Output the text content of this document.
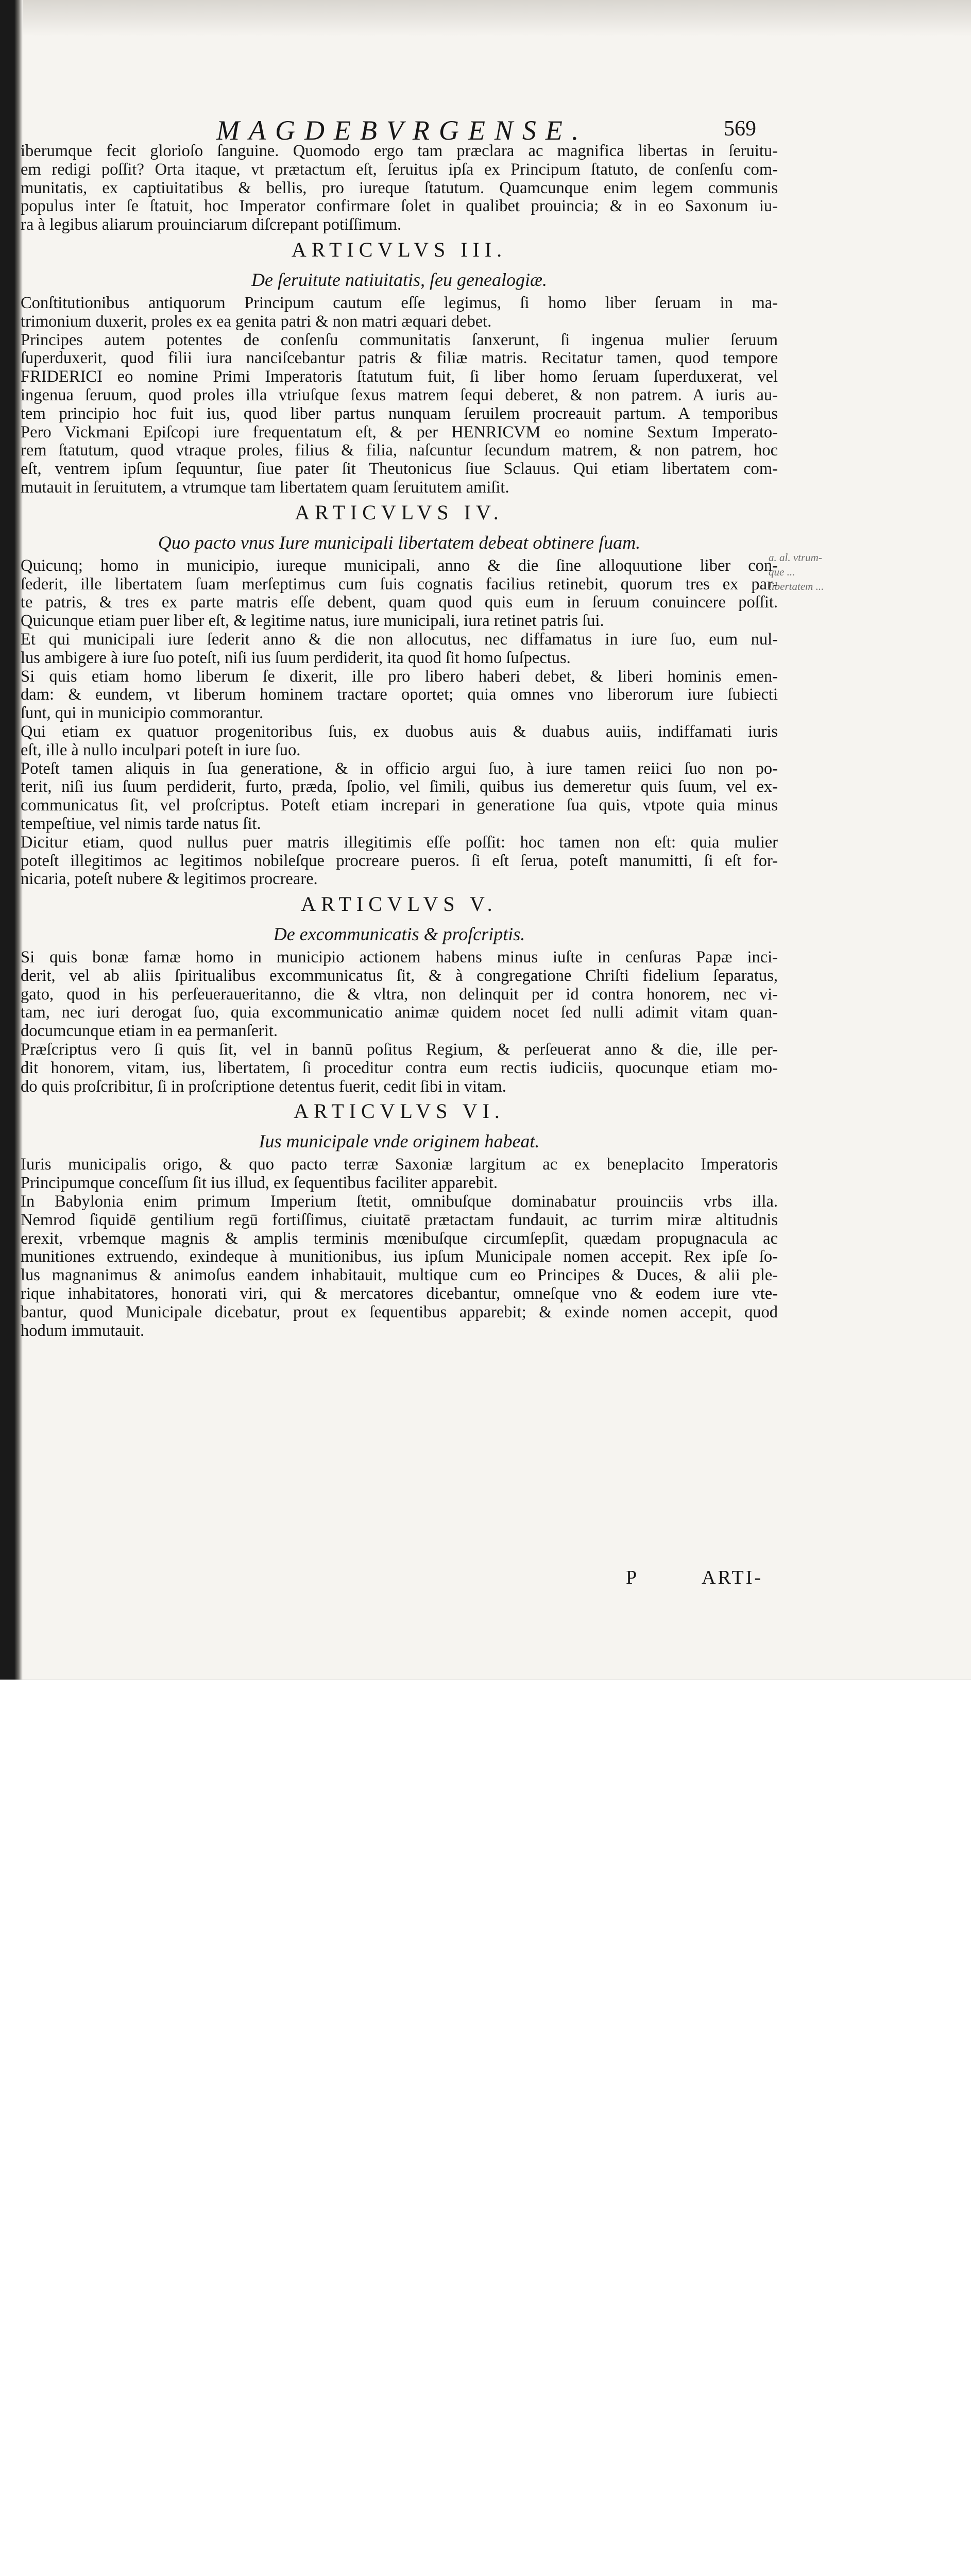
MAGDEBVRGENSE.	569
iberumque fecit glorioſo ſanguine. Quomodo ergo tam præclara ac magnifica libertas in ſeruitu-
em redigi poſſit? Orta itaque, vt prætactum eſt, ſeruitus ipſa ex Principum ſtatuto, de conſenſu com-
munitatis, ex captiuitatibus & bellis, pro iureque ſtatutum. Quamcunque enim legem communis
populus inter ſe ſtatuit, hoc Imperator confirmare ſolet in qualibet prouincia; & in eo Saxonum iu-
ra à legibus aliarum prouinciarum diſcrepant potiſſimum.
ARTICVLVS III.
De ſeruitute natiuitatis, ſeu genealogiæ.
Conſtitutionibus antiquorum Principum cautum eſſe legimus, ſi homo liber ſeruam in ma-
trimonium duxerit, proles ex ea genita patri & non matri æquari debet.
Principes autem potentes de conſenſu communitatis ſanxerunt, ſi ingenua mulier ſeruum
ſuperduxerit, quod filii iura nanciſcebantur patris & filiæ matris. Recitatur tamen, quod tempore
FRIDERICI eo nomine Primi Imperatoris ſtatutum fuit, ſi liber homo ſeruam ſuperduxerat, vel
ingenua ſeruum, quod proles illa vtriuſque ſexus matrem ſequi deberet, & non patrem. A iuris au-
tem principio hoc fuit ius, quod liber partus nunquam ſeruilem procreauit partum. A temporibus
Pero Vickmani Epiſcopi iure frequentatum eſt, & per HENRICVM eo nomine Sextum Imperato-
rem ſtatutum, quod vtraque proles, filius & filia, naſcuntur ſecundum matrem, & non patrem, hoc
eſt, ventrem ipſum ſequuntur, ſiue pater ſit Theutonicus ſiue Sclauus. Qui etiam libertatem com-
mutauit in ſeruitutem, a vtrumque tam libertatem quam ſeruitutem amiſit.
ARTICVLVS IV.
Quo pacto vnus Iure municipali libertatem debeat obtinere ſuam.
Quicunq; homo in municipio, iureque municipali, anno & die ſine alloquutione liber con-
ſederit, ille libertatem ſuam merſeptimus cum ſuis cognatis facilius retinebit, quorum tres ex par-
te patris, & tres ex parte matris eſſe debent, quam quod quis eum in ſeruum conuincere poſſit.
Quicunque etiam puer liber eſt, & legitime natus, iure municipali, iura retinet patris ſui.
Et qui municipali iure ſederit anno & die non allocutus, nec diffamatus in iure ſuo, eum nul-
lus ambigere à iure ſuo poteſt, niſi ius ſuum perdiderit, ita quod ſit homo ſuſpectus.
Si quis etiam homo liberum ſe dixerit, ille pro libero haberi debet, & liberi hominis emen-
dam: & eundem, vt liberum hominem tractare oportet; quia omnes vno liberorum iure ſubiecti
ſunt, qui in municipio commorantur.
Qui etiam ex quatuor progenitoribus ſuis, ex duobus auis & duabus auiis, indiffamati iuris
eſt, ille à nullo inculpari poteſt in iure ſuo.
Poteſt tamen aliquis in ſua generatione, & in officio argui ſuo, à iure tamen reiici ſuo non po-
terit, niſi ius ſuum perdiderit, furto, præda, ſpolio, vel ſimili, quibus ius demeretur quis ſuum, vel ex-
communicatus ſit, vel proſcriptus. Poteſt etiam increpari in generatione ſua quis, vtpote quia minus
tempeſtiue, vel nimis tarde natus ſit.
Dicitur etiam, quod nullus puer matris illegitimis eſſe poſſit: hoc tamen non eſt: quia mulier
poteſt illegitimos ac legitimos nobileſque procreare pueros. ſi eſt ſerua, poteſt manumitti, ſi eſt for-
nicaria, poteſt nubere & legitimos procreare.
ARTICVLVS V.
De excommunicatis & proſcriptis.
Si quis bonæ famæ homo in municipio actionem habens minus iuſte in cenſuras Papæ inci-
derit, vel ab aliis ſpiritualibus excommunicatus ſit, & à congregatione Chriſti fidelium ſeparatus,
gato, quod in his perſeueraueritanno, die & vltra, non delinquit per id contra honorem, nec vi-
tam, nec iuri derogat ſuo, quia excommunicatio animæ quidem nocet ſed nulli adimit vitam quan-
documcunque etiam in ea permanſerit.
Præſcriptus vero ſi quis ſit, vel in bannū poſitus Regium, & perſeuerat anno & die, ille per-
dit honorem, vitam, ius, libertatem, ſi proceditur contra eum rectis iudiciis, quocunque etiam mo-
do quis proſcribitur, ſi in proſcriptione detentus fuerit, cedit ſibi in vitam.
ARTICVLVS VI.
Ius municipale vnde originem habeat.
Iuris municipalis origo, & quo pacto terræ Saxoniæ largitum ac ex beneplacito Imperatoris
Principumque conceſſum ſit ius illud, ex ſequentibus faciliter apparebit.
In Babylonia enim primum Imperium ſtetit, omnibuſque dominabatur prouinciis vrbs illa.
Nemrod ſiquidē gentilium regū fortiſſimus, ciuitatē prætactam fundauit, ac turrim miræ altitudnis
erexit, vrbemque magnis & amplis terminis mœnibuſque circumſepſit, quædam propugnacula ac
munitiones extruendo, exindeque à munitionibus, ius ipſum Municipale nomen accepit. Rex ipſe ſo-
lus magnanimus & animoſus eandem inhabitauit, multique cum eo Principes & Duces, & alii ple-
rique inhabitatores, honorati viri, qui & mercatores dicebantur, omneſque vno & eodem iure vte-
bantur, quod Municipale dicebatur, prout ex ſequentibus apparebit; & exinde nomen accepit, quod
hodum immutauit.
a. al. vtrum- que ... libertatem ...
P	ARTI-
